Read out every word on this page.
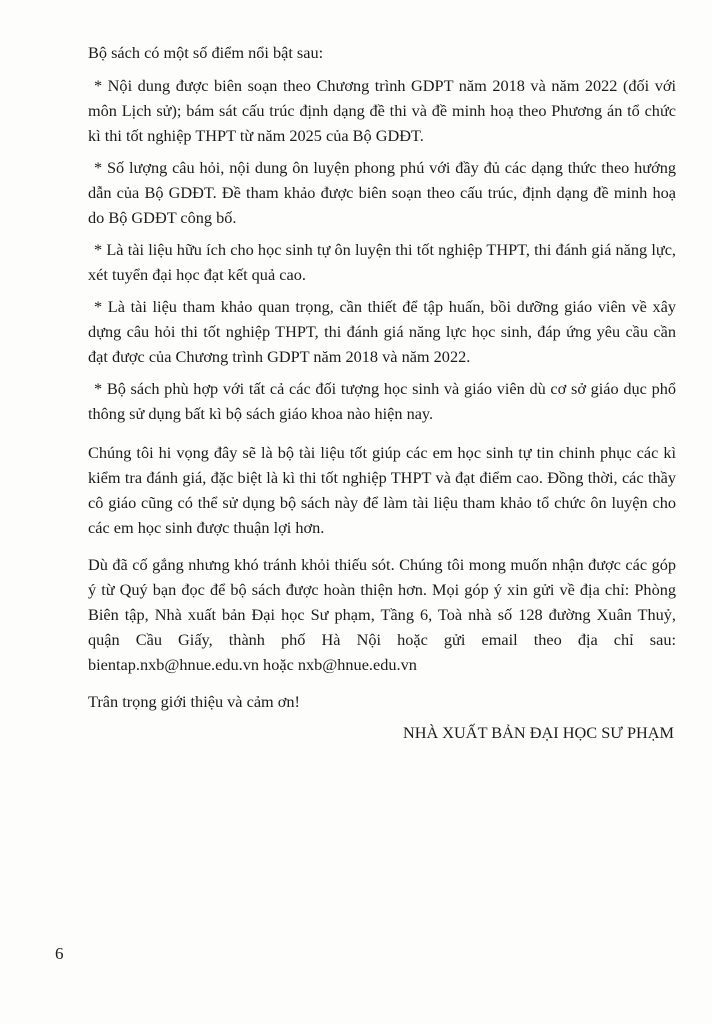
Bộ sách có một số điểm nổi bật sau:

* Nội dung được biên soạn theo Chương trình GDPT năm 2018 và năm 2022 (đối với môn Lịch sử); bám sát cấu trúc định dạng đề thi và đề minh hoạ theo Phương án tổ chức kì thi tốt nghiệp THPT từ năm 2025 của Bộ GDĐT.

* Số lượng câu hỏi, nội dung ôn luyện phong phú với đầy đủ các dạng thức theo hướng dẫn của Bộ GDĐT. Đề tham khảo được biên soạn theo cấu trúc, định dạng đề minh hoạ do Bộ GDĐT công bố.

* Là tài liệu hữu ích cho học sinh tự ôn luyện thi tốt nghiệp THPT, thi đánh giá năng lực, xét tuyển đại học đạt kết quả cao.

* Là tài liệu tham khảo quan trọng, cần thiết để tập huấn, bồi dưỡng giáo viên về xây dựng câu hỏi thi tốt nghiệp THPT, thi đánh giá năng lực học sinh, đáp ứng yêu cầu cần đạt được của Chương trình GDPT năm 2018 và năm 2022.

* Bộ sách phù hợp với tất cả các đối tượng học sinh và giáo viên dù cơ sở giáo dục phổ thông sử dụng bất kì bộ sách giáo khoa nào hiện nay.

Chúng tôi hi vọng đây sẽ là bộ tài liệu tốt giúp các em học sinh tự tin chinh phục các kì kiểm tra đánh giá, đặc biệt là kì thi tốt nghiệp THPT và đạt điểm cao. Đồng thời, các thầy cô giáo cũng có thể sử dụng bộ sách này để làm tài liệu tham khảo tổ chức ôn luyện cho các em học sinh được thuận lợi hơn.

Dù đã cố gắng nhưng khó tránh khỏi thiếu sót. Chúng tôi mong muốn nhận được các góp ý từ Quý bạn đọc để bộ sách được hoàn thiện hơn. Mọi góp ý xin gửi về địa chỉ: Phòng Biên tập, Nhà xuất bản Đại học Sư phạm, Tầng 6, Toà nhà số 128 đường Xuân Thuỷ, quận Cầu Giấy, thành phố Hà Nội hoặc gửi email theo địa chỉ sau: bientap.nxb@hnue.edu.vn hoặc nxb@hnue.edu.vn

Trân trọng giới thiệu và cảm ơn!

NHÀ XUẤT BẢN ĐẠI HỌC SƯ PHẠM

6
